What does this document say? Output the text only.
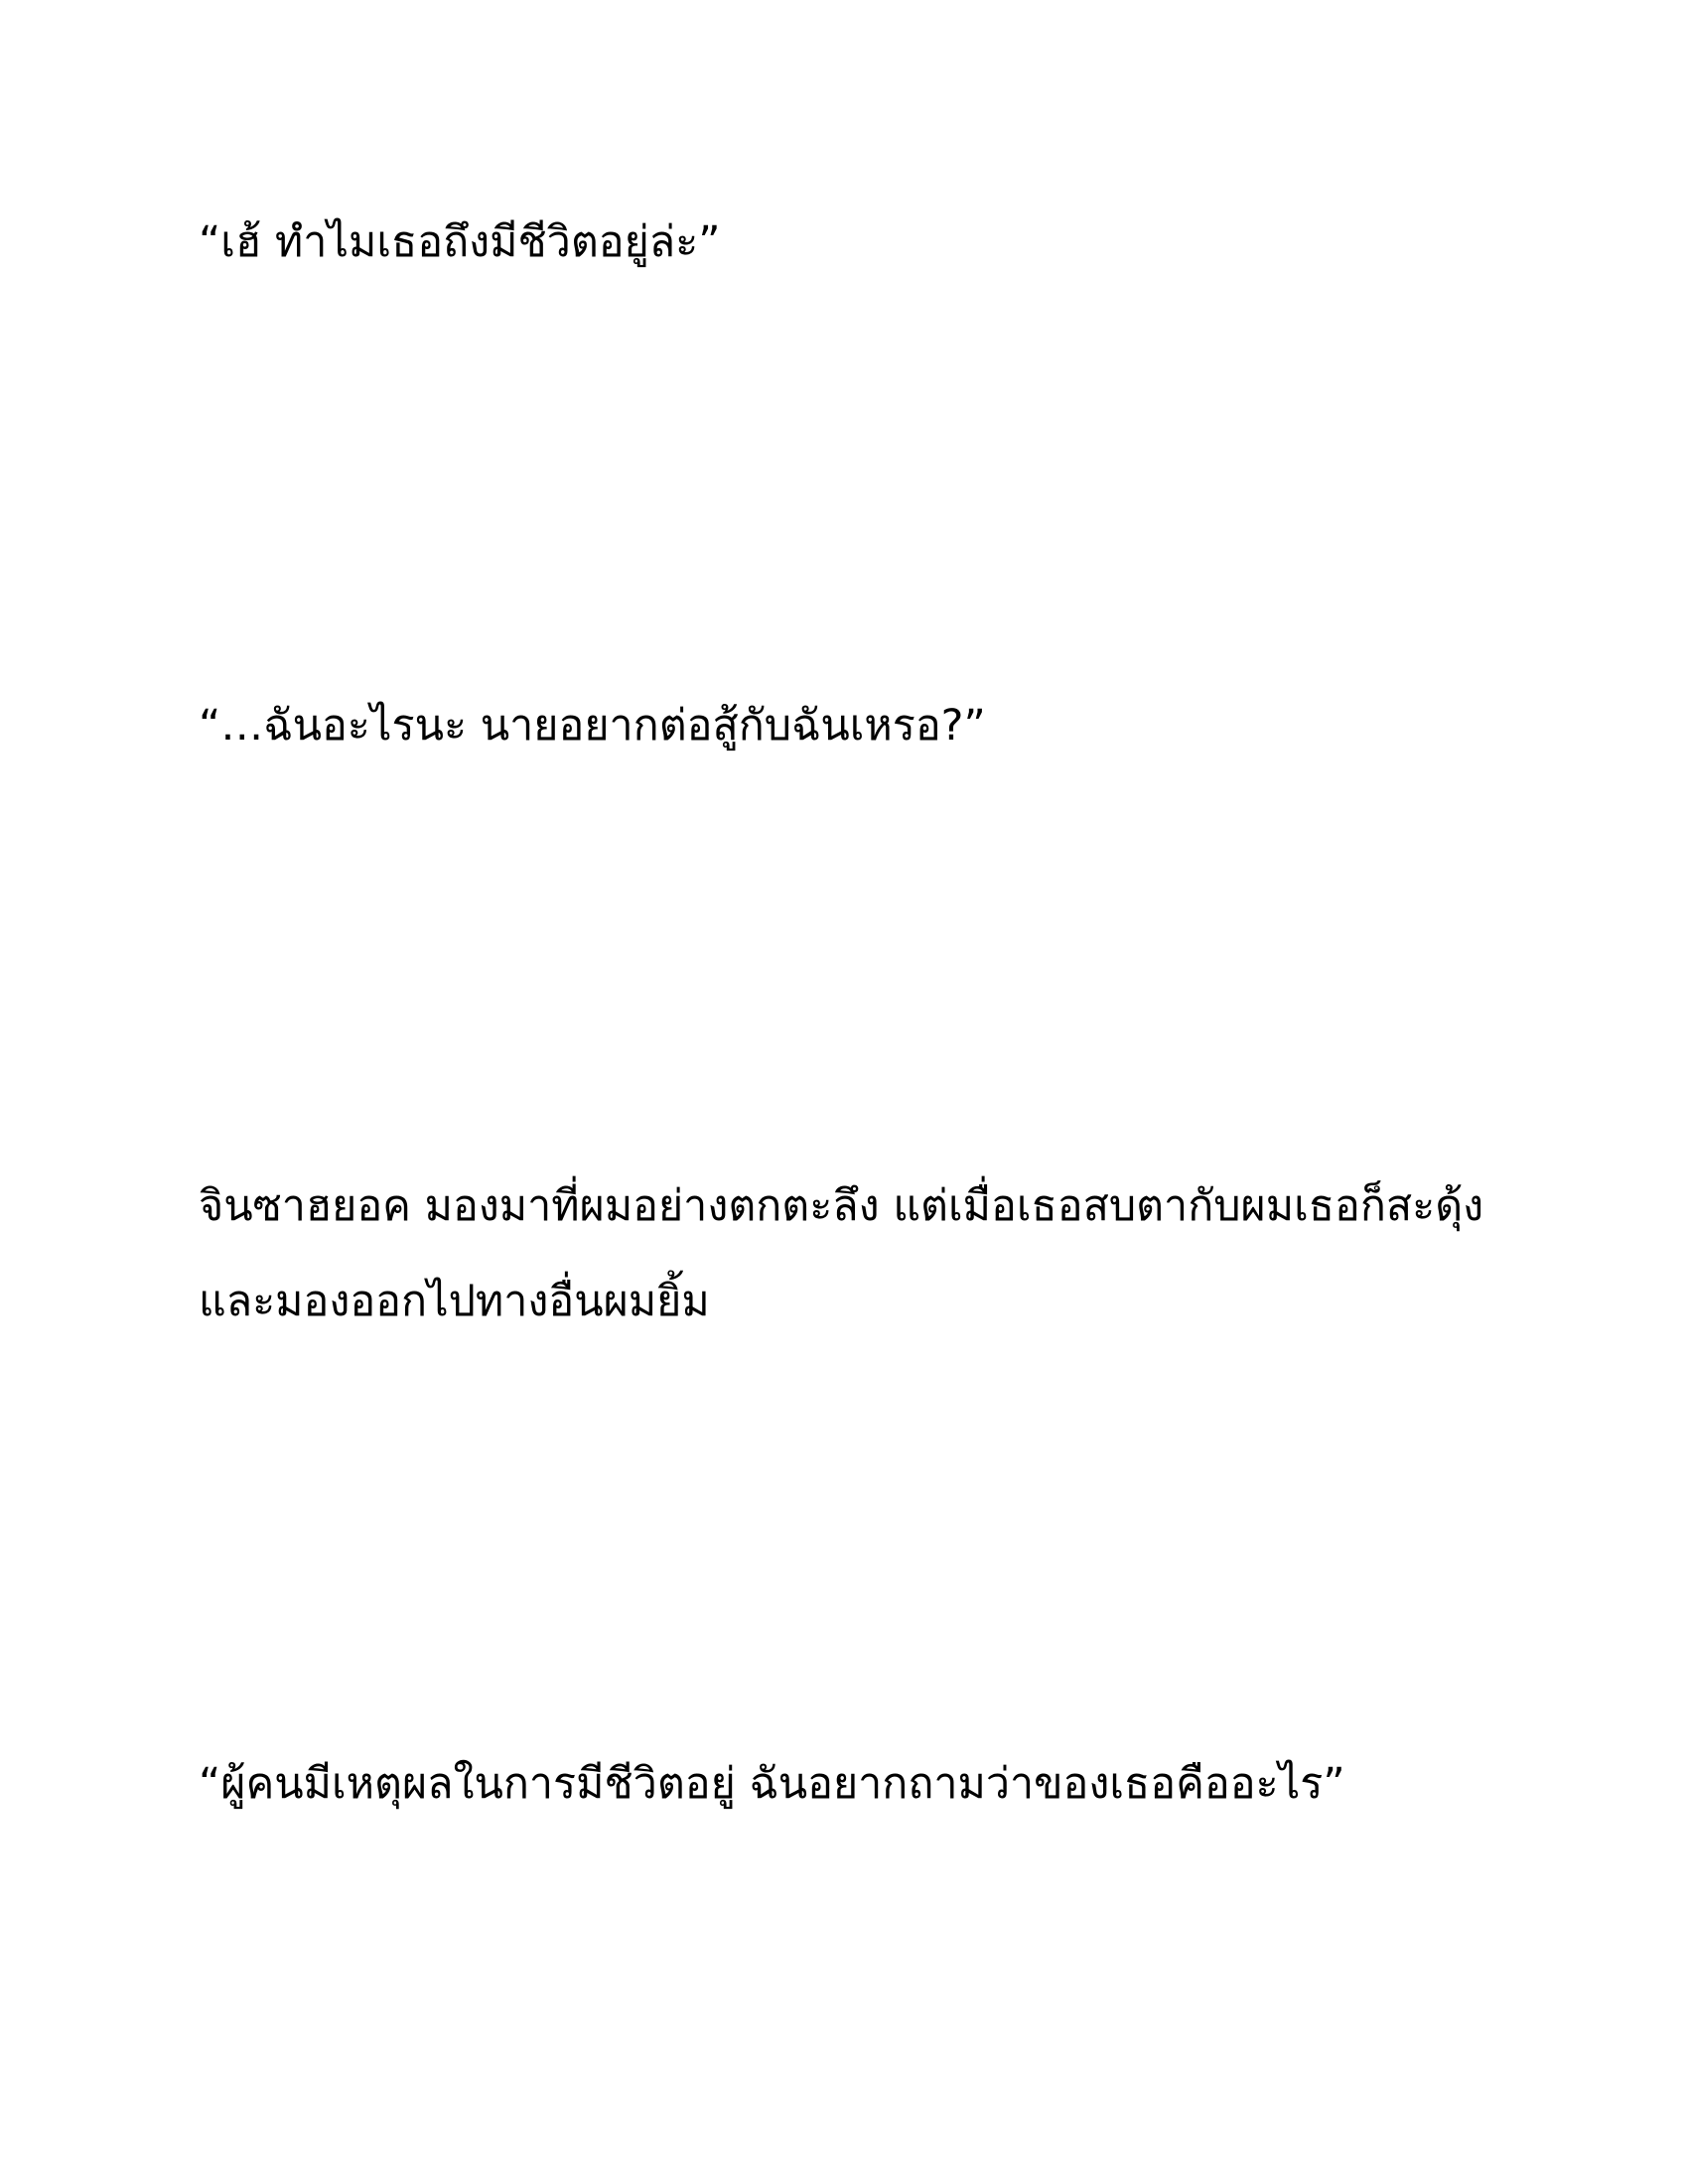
“เฮ้ ทำไมเธอถึงมีชีวิตอยู่ล่ะ”

“…ฉันอะไรนะ นายอยากต่อสู้กับฉันเหรอ?”

จินซาฮยอค มองมาที่ผมอย่างตกตะลึง แต่เมื่อเธอสบตากับผมเธอก็สะดุ้ง
และมองออกไปทางอื่นผมยิ้ม

“ผู้คนมีเหตุผลในการมีชีวิตอยู่ ฉันอยากถามว่าของเธอคืออะไร”
